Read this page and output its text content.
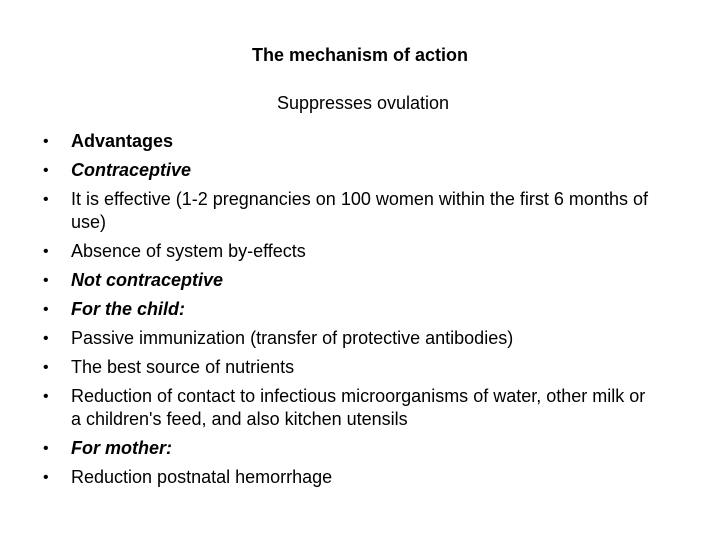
The mechanism of action
Suppresses ovulation
• Advantages
• Contraceptive
• It is effective (1-2 pregnancies on 100 women within the first 6 months of use)
• Absence of system by-effects
• Not contraceptive
• For the child:
• Passive immunization (transfer of protective antibodies)
• The best source of nutrients
• Reduction of contact to infectious microorganisms of water, other milk or a children's feed, and also kitchen utensils
• For mother:
• Reduction postnatal hemorrhage
